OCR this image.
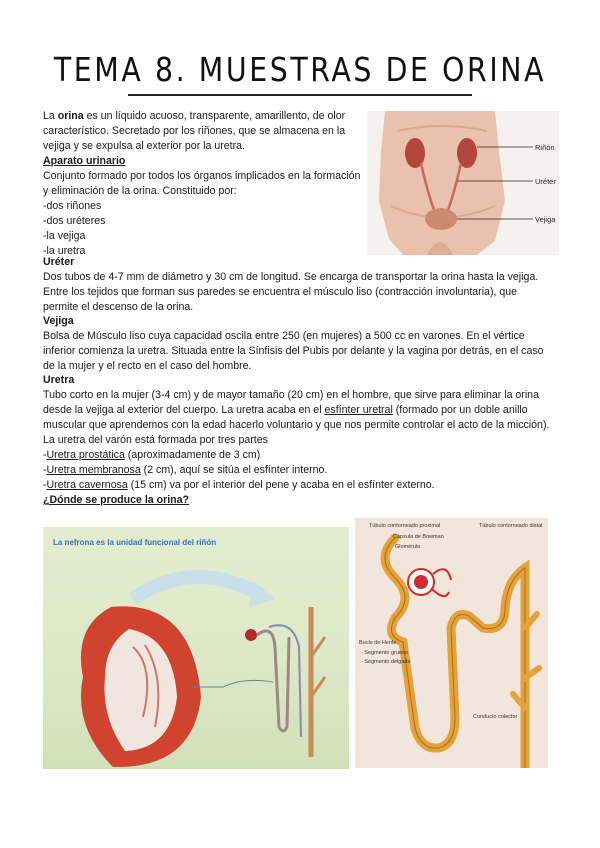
TEMA 8. MUESTRAS DE ORINA

La orina es un líquido acuoso, transparente, amarillento, de olor característico. Secretado por los riñones, que se almacena en la vejiga y se expulsa al exterior por la uretra.

Aparato urinario

Conjunto formado por todos los órganos implicados en la formación y eliminación de la orina. Constituido por:

-dos riñones

-dos uréteres

-la vejiga

-la uretra

Riñón
Uréter
Vejiga

Uréter

Dos tubos de 4-7 mm de diámetro y 30 cm de longitud. Se encarga de transportar la orina hasta la vejiga. Entre los tejidos que forman sus paredes se encuentra el músculo liso (contracción involuntaria), que permite el descenso de la orina.

Vejiga

Bolsa de Músculo liso cuya capacidad oscila entre 250 (en mujeres) a 500 cc en varones. En el vértice inferior comienza la uretra. Situada entre la Sínfisis del Pubis por delante y la vagina por detrás, en el caso de la mujer y el recto en el caso del hombre.

Uretra

Tubo corto en la mujer (3-4 cm) y de mayor tamaño (20 cm) en el hombre, que sirve para eliminar la orina desde la vejiga al exterior del cuerpo. La uretra acaba en el esfínter uretral (formado por un doble anillo muscular que aprendemos con la edad hacerlo voluntario y que nos permite controlar el acto de la micción).

La uretra del varón está formada por tres partes

-Uretra prostática (aproximadamente de 3 cm)

-Uretra membranosa (2 cm), aquí se sitúa el esfínter interno.

-Uretra cavernosa (15 cm) va por el interior del pene y acaba en el esfínter externo.

¿Dónde se produce la orina?

La nefrona es la unidad funcional del riñón
Túbulo contorneado proximal	Túbulo contorneado distal
Cápsula de Bowman
Glomérulo
Bucle de Henle
· Segmento grueso
· Segmento delgado
Conducto colector
